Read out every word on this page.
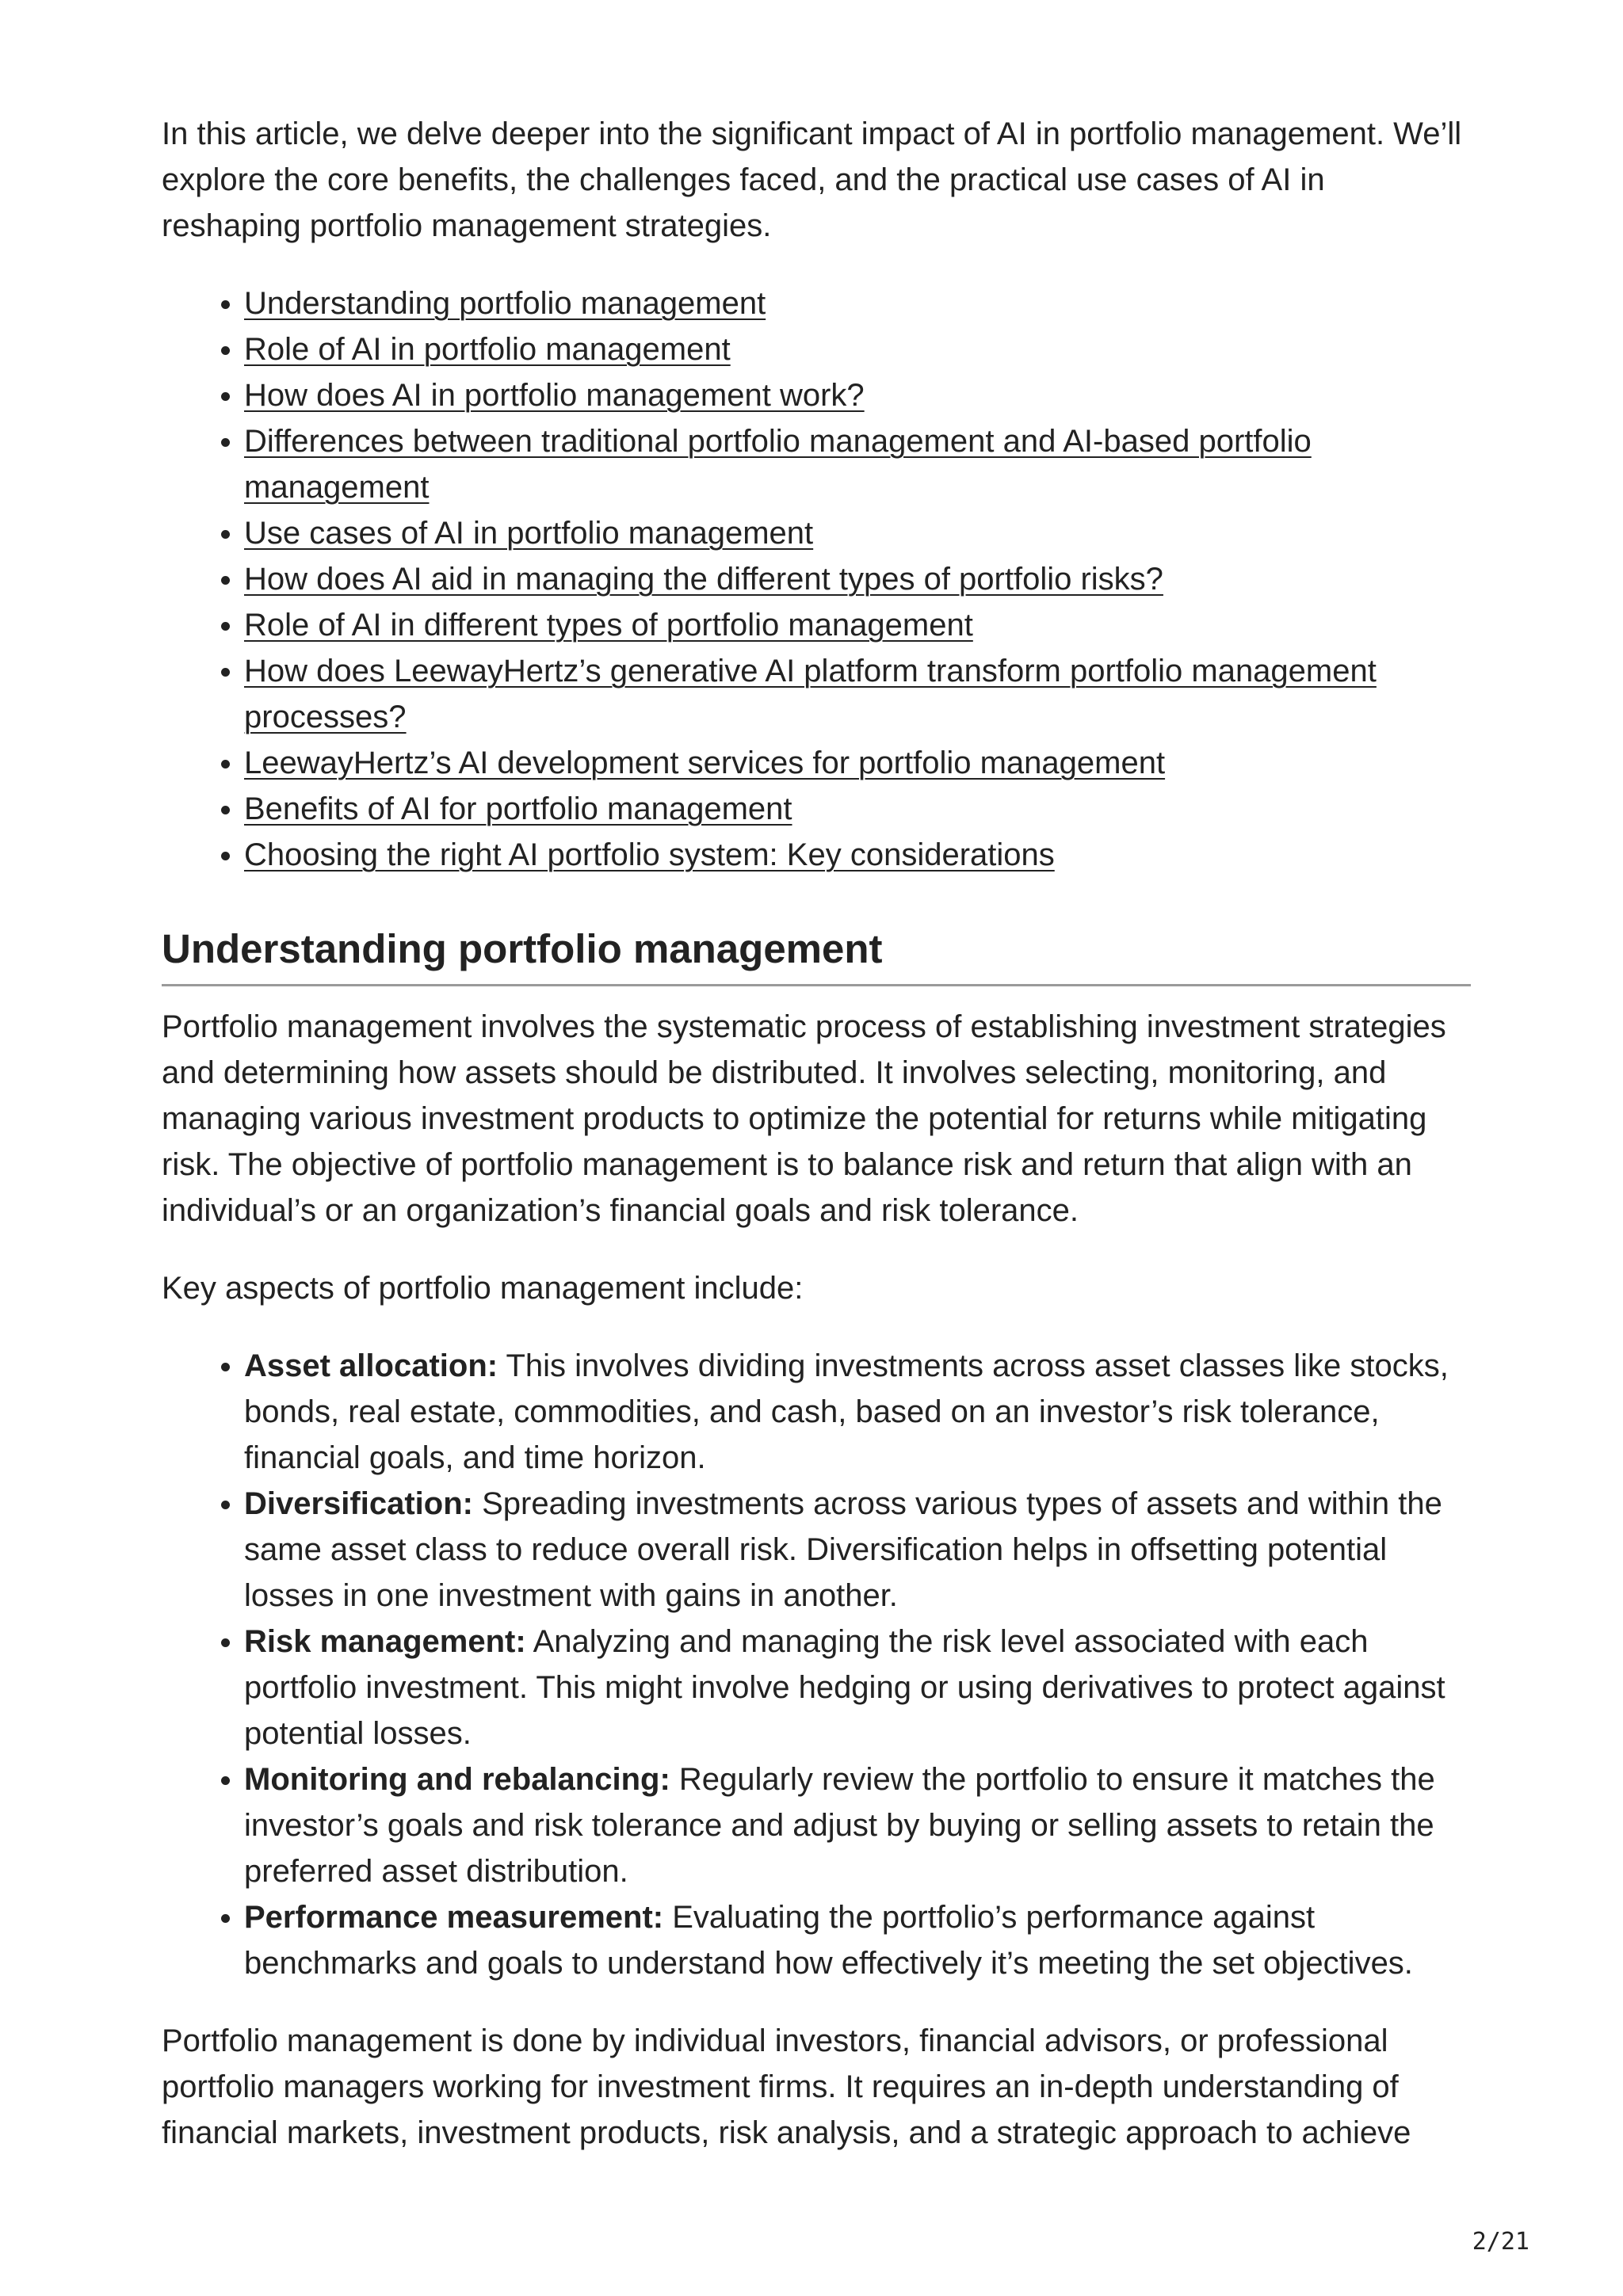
In this article, we delve deeper into the significant impact of AI in portfolio management. We’ll explore the core benefits, the challenges faced, and the practical use cases of AI in reshaping portfolio management strategies.

• Understanding portfolio management
• Role of AI in portfolio management
• How does AI in portfolio management work?
• Differences between traditional portfolio management and AI-based portfolio management
• Use cases of AI in portfolio management
• How does AI aid in managing the different types of portfolio risks?
• Role of AI in different types of portfolio management
• How does LeewayHertz’s generative AI platform transform portfolio management processes?
• LeewayHertz’s AI development services for portfolio management
• Benefits of AI for portfolio management
• Choosing the right AI portfolio system: Key considerations
Understanding portfolio management

Portfolio management involves the systematic process of establishing investment strategies and determining how assets should be distributed. It involves selecting, monitoring, and managing various investment products to optimize the potential for returns while mitigating risk. The objective of portfolio management is to balance risk and return that align with an individual’s or an organization’s financial goals and risk tolerance.

Key aspects of portfolio management include:

• Asset allocation: This involves dividing investments across asset classes like stocks, bonds, real estate, commodities, and cash, based on an investor’s risk tolerance, financial goals, and time horizon.
• Diversification: Spreading investments across various types of assets and within the same asset class to reduce overall risk. Diversification helps in offsetting potential losses in one investment with gains in another.
• Risk management: Analyzing and managing the risk level associated with each portfolio investment. This might involve hedging or using derivatives to protect against potential losses.
• Monitoring and rebalancing: Regularly review the portfolio to ensure it matches the investor’s goals and risk tolerance and adjust by buying or selling assets to retain the preferred asset distribution.
• Performance measurement: Evaluating the portfolio’s performance against benchmarks and goals to understand how effectively it’s meeting the set objectives.

Portfolio management is done by individual investors, financial advisors, or professional portfolio managers working for investment firms. It requires an in-depth understanding of financial markets, investment products, risk analysis, and a strategic approach to achieve

2/21
